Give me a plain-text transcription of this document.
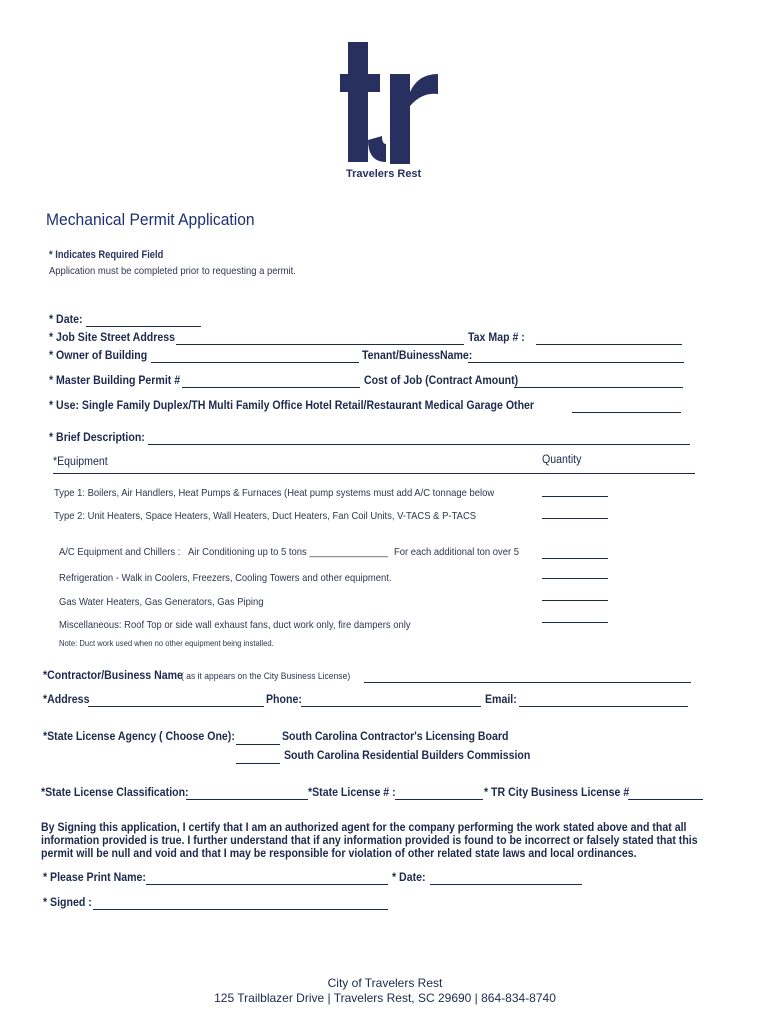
Travelers Rest
Mechanical Permit Application
* Indicates Required Field
Application must be completed prior to requesting a permit.
* Date:
* Job Site Street Address	Tax Map # :
* Owner of Building	Tenant/BuinessName:
* Master Building Permit #	Cost of Job (Contract Amount)
* Use: Single Family Duplex/TH Multi Family Office Hotel Retail/Restaurant Medical Garage Other
* Brief Description:
*Equipment	Quantity
Type 1: Boilers, Air Handlers, Heat Pumps & Furnaces (Heat pump systems must add A/C tonnage below
Type 2: Unit Heaters, Space Heaters, Wall Heaters, Duct Heaters, Fan Coil Units, V-TACS & P-TACS
A/C Equipment and Chillers : Air Conditioning up to 5 tons _______________ For each additional ton over 5
Refrigeration - Walk in Coolers, Freezers, Cooling Towers and other equipment.
Gas Water Heaters, Gas Generators, Gas Piping
Miscellaneous: Roof Top or side wall exhaust fans, duct work only, fire dampers only
Note: Duct work used when no other equipment being installed.
*Contractor/Business Name
( as it appears on the City Business License)
*Address	Phone:	Email:
*State License Agency ( Choose One):	South Carolina Contractor's Licensing Board
South Carolina Residential Builders Commission
*State License Classification:	*State License # :	* TR City Business License #
By Signing this application, I certify that I am an authorized agent for the company performing the work stated above and that all
information provided is true. I further understand that if any information provided is found to be incorrect or falsely stated that this
permit will be null and void and that I may be responsible for violation of other related state laws and local ordinances.
* Please Print Name:	* Date:
* Signed :
City of Travelers Rest
125 Trailblazer Drive | Travelers Rest, SC 29690 | 864-834-8740
